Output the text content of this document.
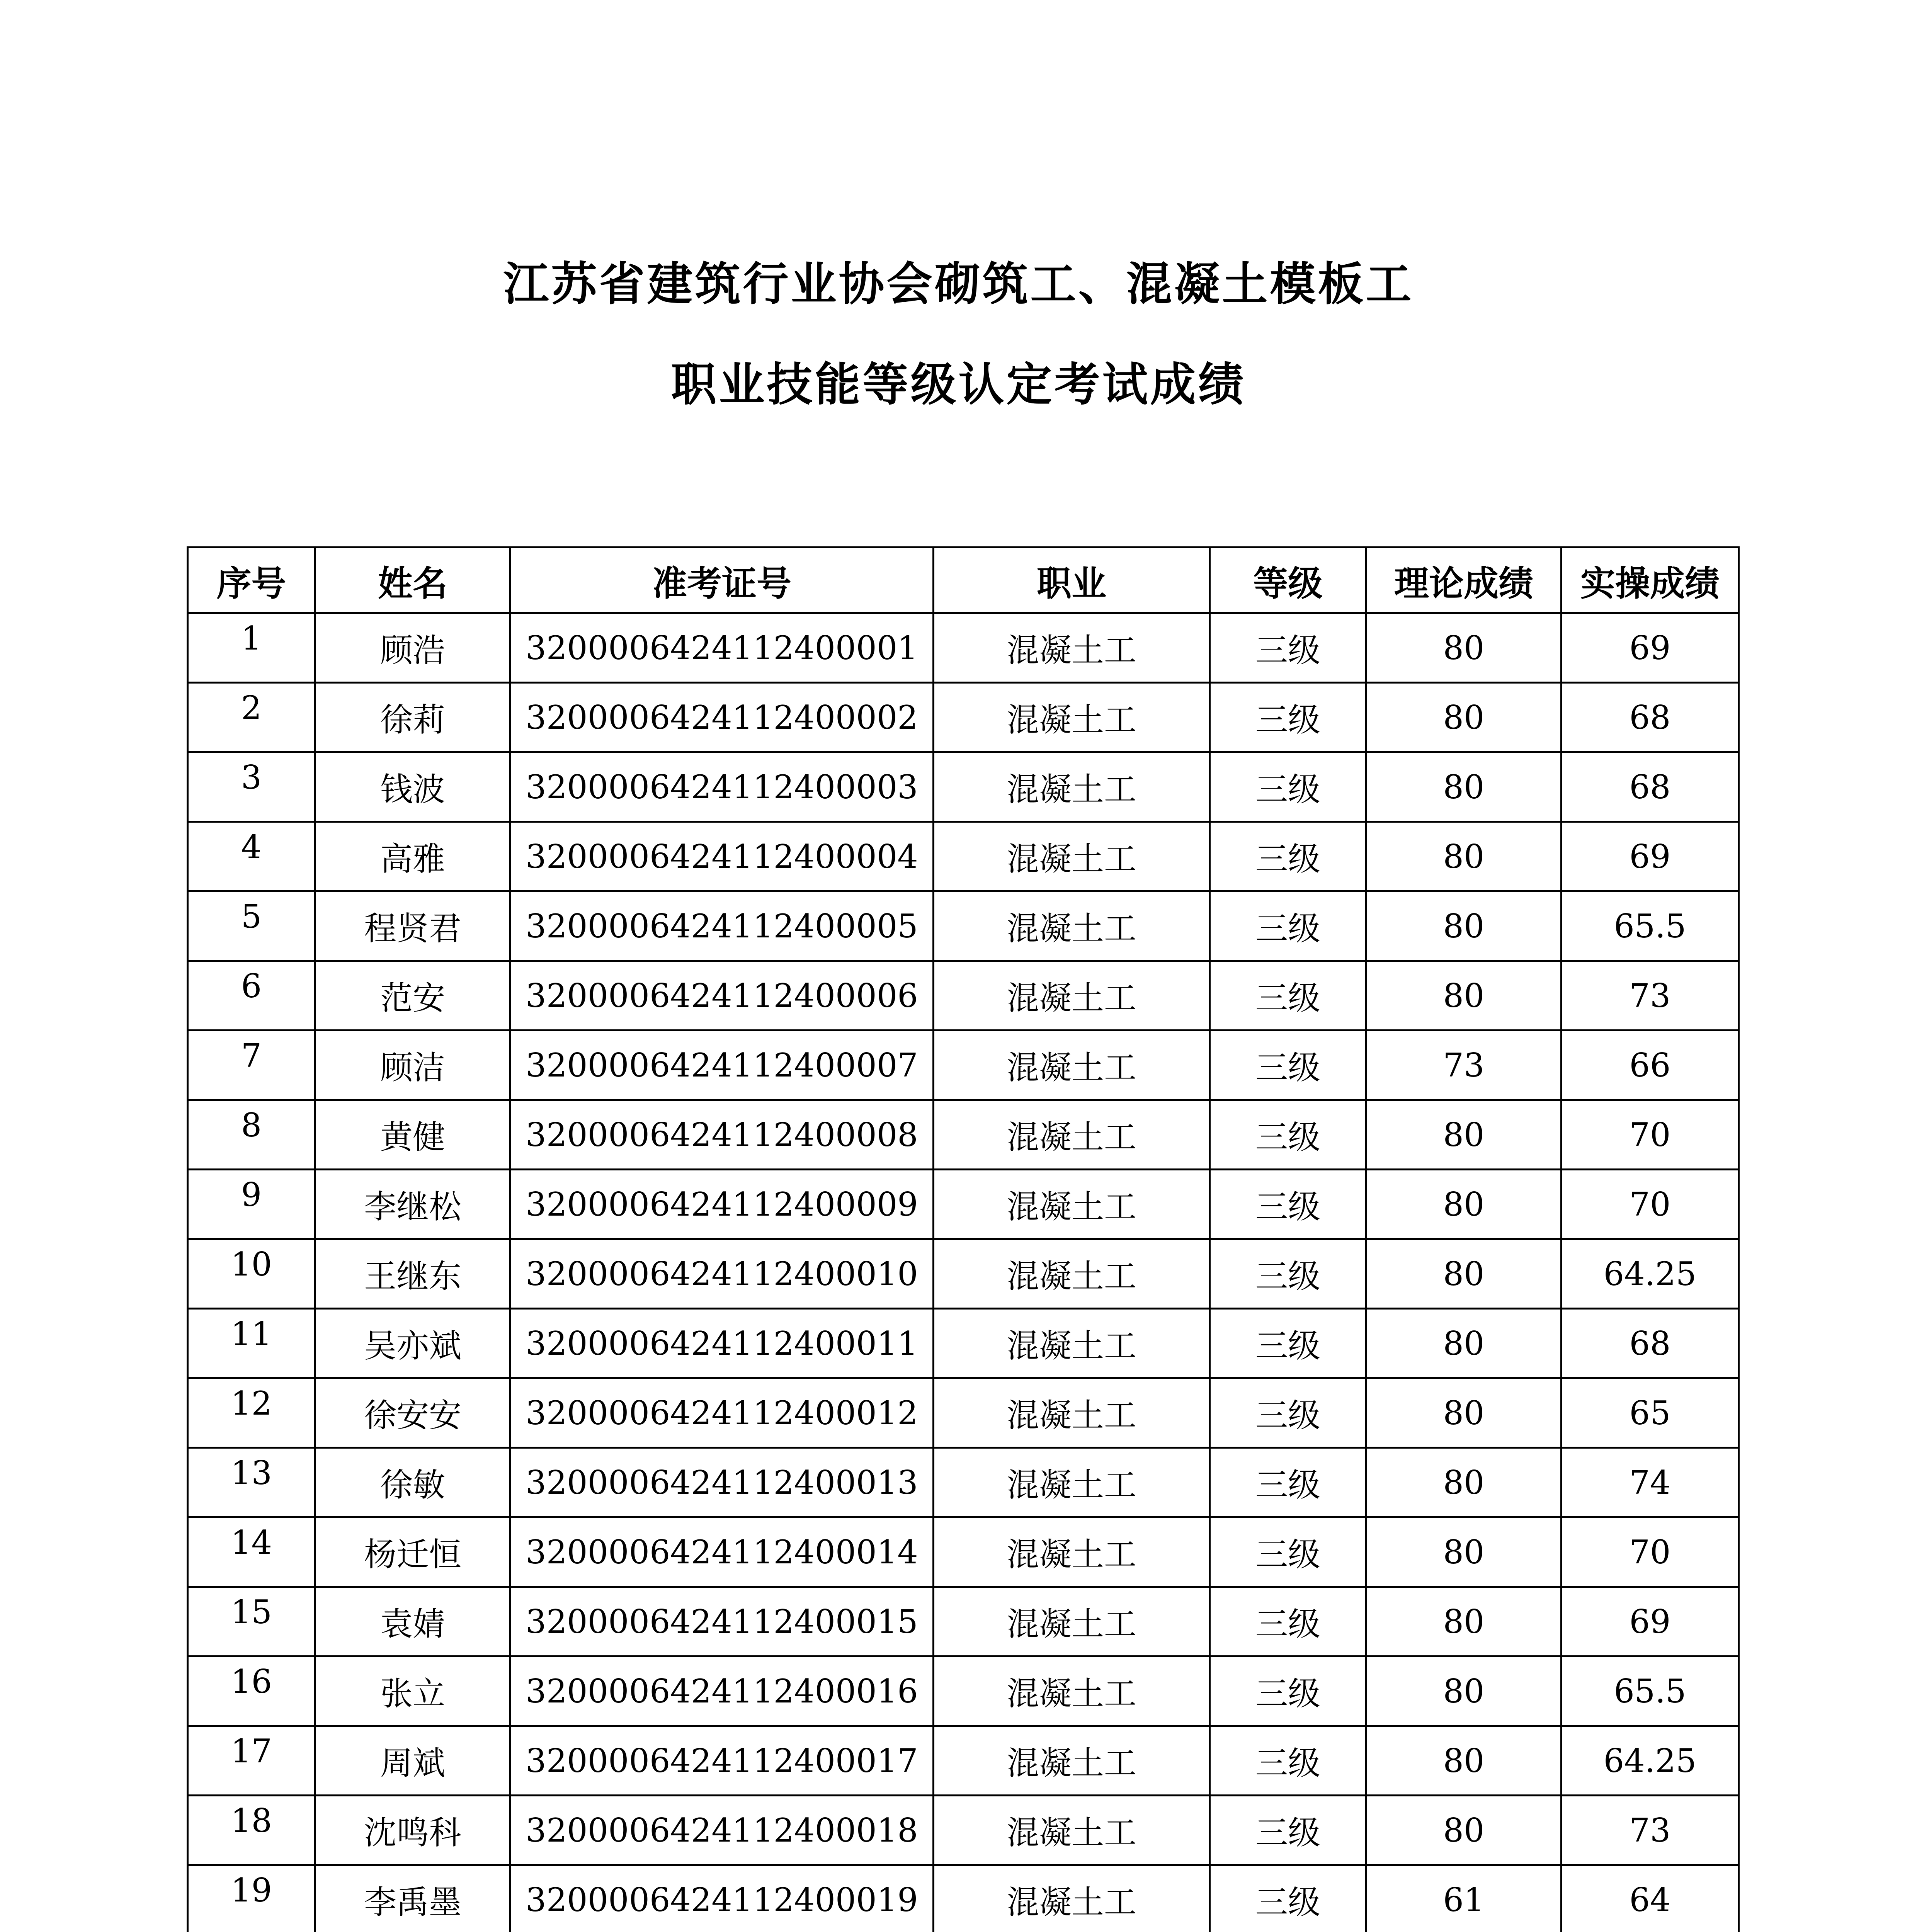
江苏省建筑行业协会砌筑工、混凝土模板工
职业技能等级认定考试成绩
序号	姓名	准考证号	职业	等级	理论成绩	实操成绩
1	顾浩	3200006424112400001	混凝土工	三级	80	69
2	徐莉	3200006424112400002	混凝土工	三级	80	68
3	钱波	3200006424112400003	混凝土工	三级	80	68
4	高雅	3200006424112400004	混凝土工	三级	80	69
5	程贤君	3200006424112400005	混凝土工	三级	80	65.5
6	范安	3200006424112400006	混凝土工	三级	80	73
7	顾洁	3200006424112400007	混凝土工	三级	73	66
8	黄健	3200006424112400008	混凝土工	三级	80	70
9	李继松	3200006424112400009	混凝土工	三级	80	70
10	王继东	3200006424112400010	混凝土工	三级	80	64.25
11	吴亦斌	3200006424112400011	混凝土工	三级	80	68
12	徐安安	3200006424112400012	混凝土工	三级	80	65
13	徐敏	3200006424112400013	混凝土工	三级	80	74
14	杨迁恒	3200006424112400014	混凝土工	三级	80	70
15	袁婧	3200006424112400015	混凝土工	三级	80	69
16	张立	3200006424112400016	混凝土工	三级	80	65.5
17	周斌	3200006424112400017	混凝土工	三级	80	64.25
18	沈鸣科	3200006424112400018	混凝土工	三级	80	73
19	李禹墨	3200006424112400019	混凝土工	三级	61	64
